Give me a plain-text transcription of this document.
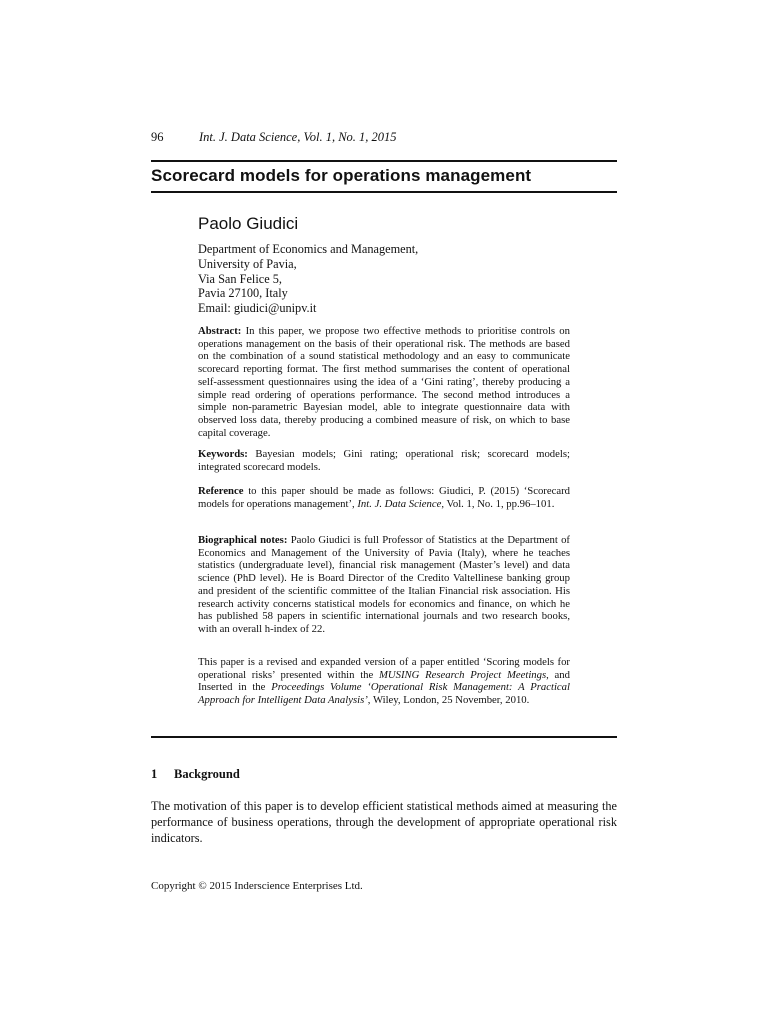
96	Int. J. Data Science, Vol. 1, No. 1, 2015
Scorecard models for operations management
Paolo Giudici
Department of Economics and Management,
University of Pavia,
Via San Felice 5,
Pavia 27100, Italy
Email: giudici@unipv.it
Abstract: In this paper, we propose two effective methods to prioritise controls on operations management on the basis of their operational risk. The methods are based on the combination of a sound statistical methodology and an easy to communicate scorecard reporting format. The first method summarises the content of operational self-assessment questionnaires using the idea of a ‘Gini rating’, thereby producing a simple read ordering of operations performance. The second method introduces a simple non-parametric Bayesian model, able to integrate questionnaire data with observed loss data, thereby producing a combined measure of risk, on which to base capital coverage.
Keywords: Bayesian models; Gini rating; operational risk; scorecard models; integrated scorecard models.
Reference to this paper should be made as follows: Giudici, P. (2015) ‘Scorecard models for operations management’, Int. J. Data Science, Vol. 1, No. 1, pp.96–101.
Biographical notes: Paolo Giudici is full Professor of Statistics at the Department of Economics and Management of the University of Pavia (Italy), where he teaches statistics (undergraduate level), financial risk management (Master’s level) and data science (PhD level). He is Board Director of the Credito Valtellinese banking group and president of the scientific committee of the Italian Financial risk association. His research activity concerns statistical models for economics and finance, on which he has published 58 papers in scientific international journals and two research books, with an overall h-index of 22.
This paper is a revised and expanded version of a paper entitled ‘Scoring models for operational risks’ presented within the MUSING Research Project Meetings, and Inserted in the Proceedings Volume ‘Operational Risk Management: A Practical Approach for Intelligent Data Analysis’, Wiley, London, 25 November, 2010.
1 Background
The motivation of this paper is to develop efficient statistical methods aimed at measuring the performance of business operations, through the development of appropriate operational risk indicators.
Copyright © 2015 Inderscience Enterprises Ltd.
